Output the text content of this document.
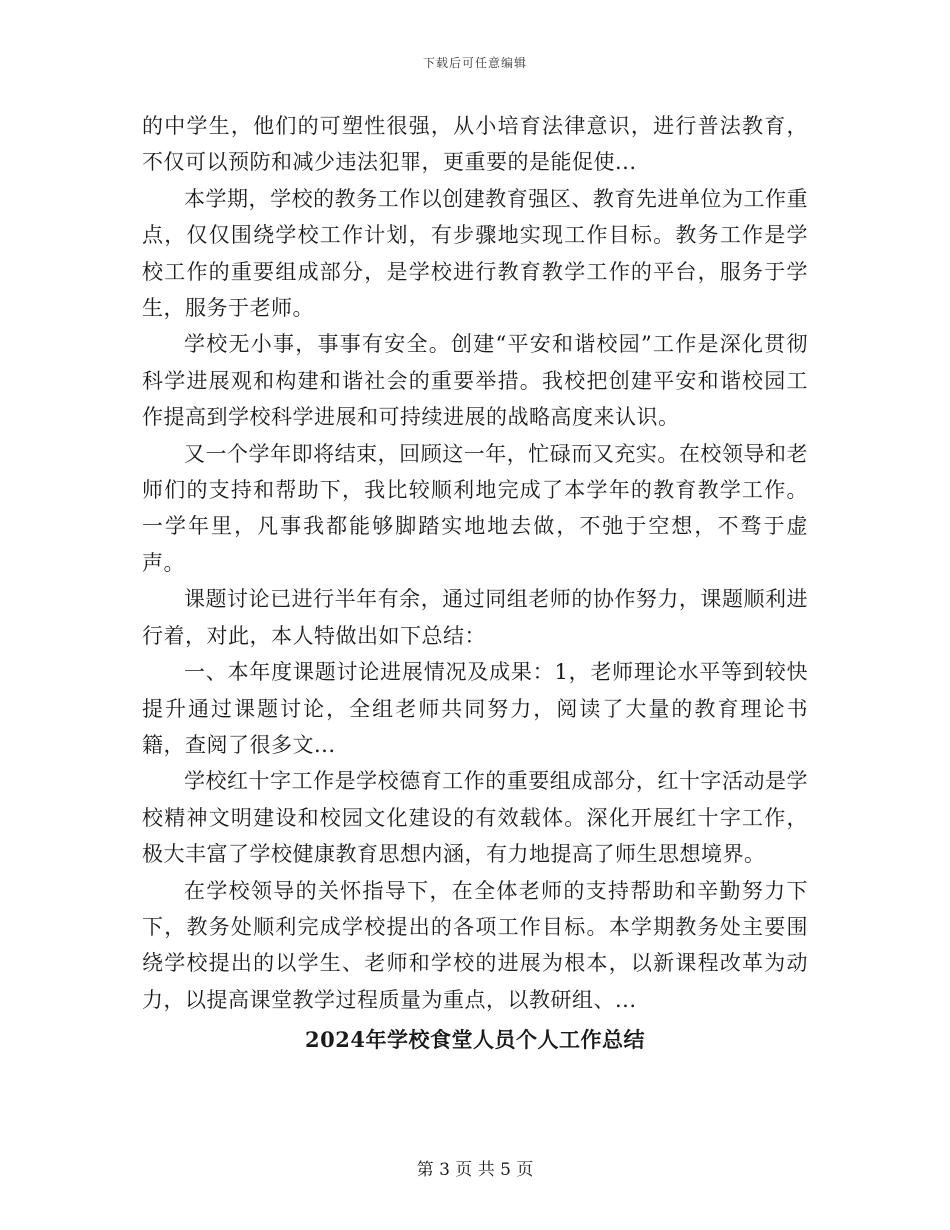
下载后可任意编辑

的中学生，他们的可塑性很强，从小培育法律意识，进行普法教育，不仅可以预防和减少违法犯罪，更重要的是能促使...

本学期，学校的教务工作以创建教育强区、教育先进单位为工作重点，仅仅围绕学校工作计划，有步骤地实现工作目标。教务工作是学校工作的重要组成部分，是学校进行教育教学工作的平台，服务于学生，服务于老师。

学校无小事，事事有安全。创建“平安和谐校园”工作是深化贯彻科学进展观和构建和谐社会的重要举措。我校把创建平安和谐校园工作提高到学校科学进展和可持续进展的战略高度来认识。

又一个学年即将结束，回顾这一年，忙碌而又充实。在校领导和老师们的支持和帮助下，我比较顺利地完成了本学年的教育教学工作。一学年里，凡事我都能够脚踏实地地去做，不弛于空想，不骛于虚声。

课题讨论已进行半年有余，通过同组老师的协作努力，课题顺利进行着，对此，本人特做出如下总结：

一、本年度课题讨论进展情况及成果：1，老师理论水平等到较快提升通过课题讨论，全组老师共同努力，阅读了大量的教育理论书籍，查阅了很多文...

学校红十字工作是学校德育工作的重要组成部分，红十字活动是学校精神文明建设和校园文化建设的有效载体。深化开展红十字工作，极大丰富了学校健康教育思想内涵，有力地提高了师生思想境界。

在学校领导的关怀指导下，在全体老师的支持帮助和辛勤努力下下，教务处顺利完成学校提出的各项工作目标。本学期教务处主要围绕学校提出的以学生、老师和学校的进展为根本，以新课程改革为动力，以提高课堂教学过程质量为重点，以教研组、...

2024年学校食堂人员个人工作总结
第 3 页 共 5 页
